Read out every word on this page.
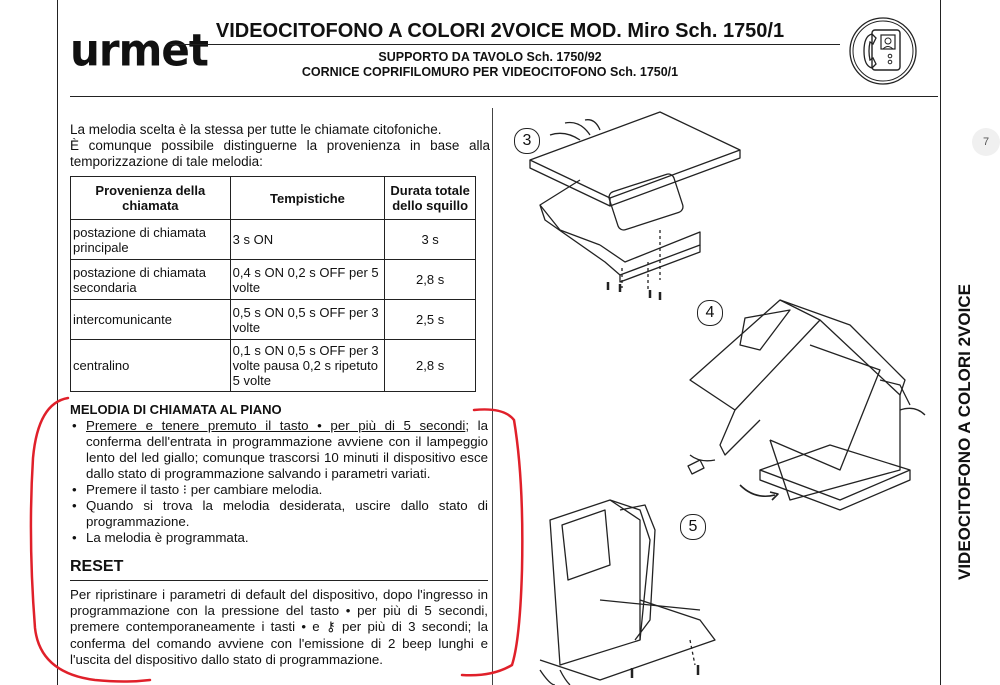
urmet VIDEOCITOFONO A COLORI 2VOICE MOD. Miro Sch. 1750/1
SUPPORTO DA TAVOLO Sch. 1750/92
CORNICE COPRIFILOMURO PER VIDEOCITOFONO Sch. 1750/1
7
VIDEOCITOFONO A COLORI 2VOICE

La melodia scelta è la stessa per tutte le chiamate citofoniche.

È comunque possibile distinguerne la provenienza in base alla temporizzazione di tale melodia:

Provenienza della chiamata	Tempistiche	Durata totale dello squillo
postazione di chiamata principale	3 s ON	3 s
postazione di chiamata secondaria	0,4 s ON 0,2 s OFF per 5 volte	2,8 s
intercomunicante	0,5 s ON 0,5 s OFF per 3 volte	2,5 s
centralino	0,1 s ON 0,5 s OFF per 3 volte pausa 0,2 s ripetuto 5 volte	2,8 s
MELODIA DI CHIAMATA AL PIANO
• Premere e tenere premuto il tasto • per più di 5 secondi; la conferma dell'entrata in programmazione avviene con il lampeggio lento del led giallo; comunque trascorsi 10 minuti il dispositivo esce dallo stato di programmazione salvando i parametri variati.
• Premere il tasto ⁝ per cambiare melodia.
• Quando si trova la melodia desiderata, uscire dallo stato di programmazione.
• La melodia è programmata.
RESET

Per ripristinare i parametri di default del dispositivo, dopo l'ingresso in programmazione con la pressione del tasto • per più di 5 secondi, premere contemporaneamente i tasti • e ⚷ per più di 3 secondi; la conferma del comando avviene con l'emissione di 2 beep lunghi e l'uscita del dispositivo dallo stato di programmazione.

3
4
5
